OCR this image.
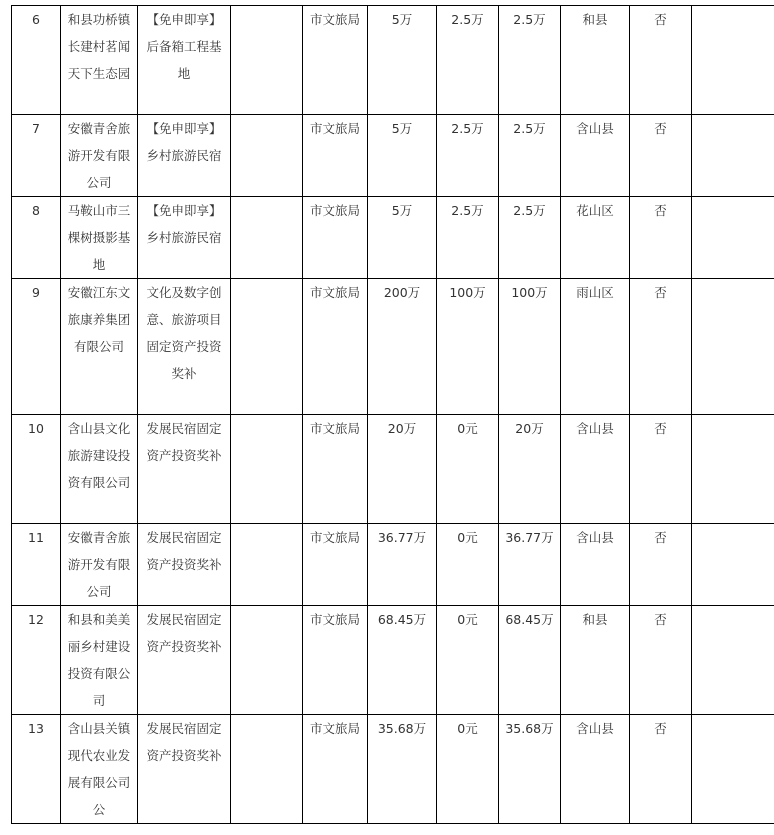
6	和县功桥镇长建村茗闻天下生态园	【免申即享】后备箱工程基地		市文旅局	5万	2.5万	2.5万	和县	否	
7	安徽青舍旅游开发有限公司	【免申即享】乡村旅游民宿		市文旅局	5万	2.5万	2.5万	含山县	否	
8	马鞍山市三棵树摄影基地	【免申即享】乡村旅游民宿		市文旅局	5万	2.5万	2.5万	花山区	否	
9	安徽江东文旅康养集团有限公司	文化及数字创意、旅游项目固定资产投资奖补		市文旅局	200万	100万	100万	雨山区	否	
10	含山县文化旅游建设投资有限公司	发展民宿固定资产投资奖补		市文旅局	20万	0元	20万	含山县	否	
11	安徽青舍旅游开发有限公司	发展民宿固定资产投资奖补		市文旅局	36.77万	0元	36.77万	含山县	否	
12	和县和美美丽乡村建设投资有限公司	发展民宿固定资产投资奖补		市文旅局	68.45万	0元	68.45万	和县	否	
13	含山县关镇现代农业发展有限公司公	发展民宿固定资产投资奖补		市文旅局	35.68万	0元	35.68万	含山县	否	
